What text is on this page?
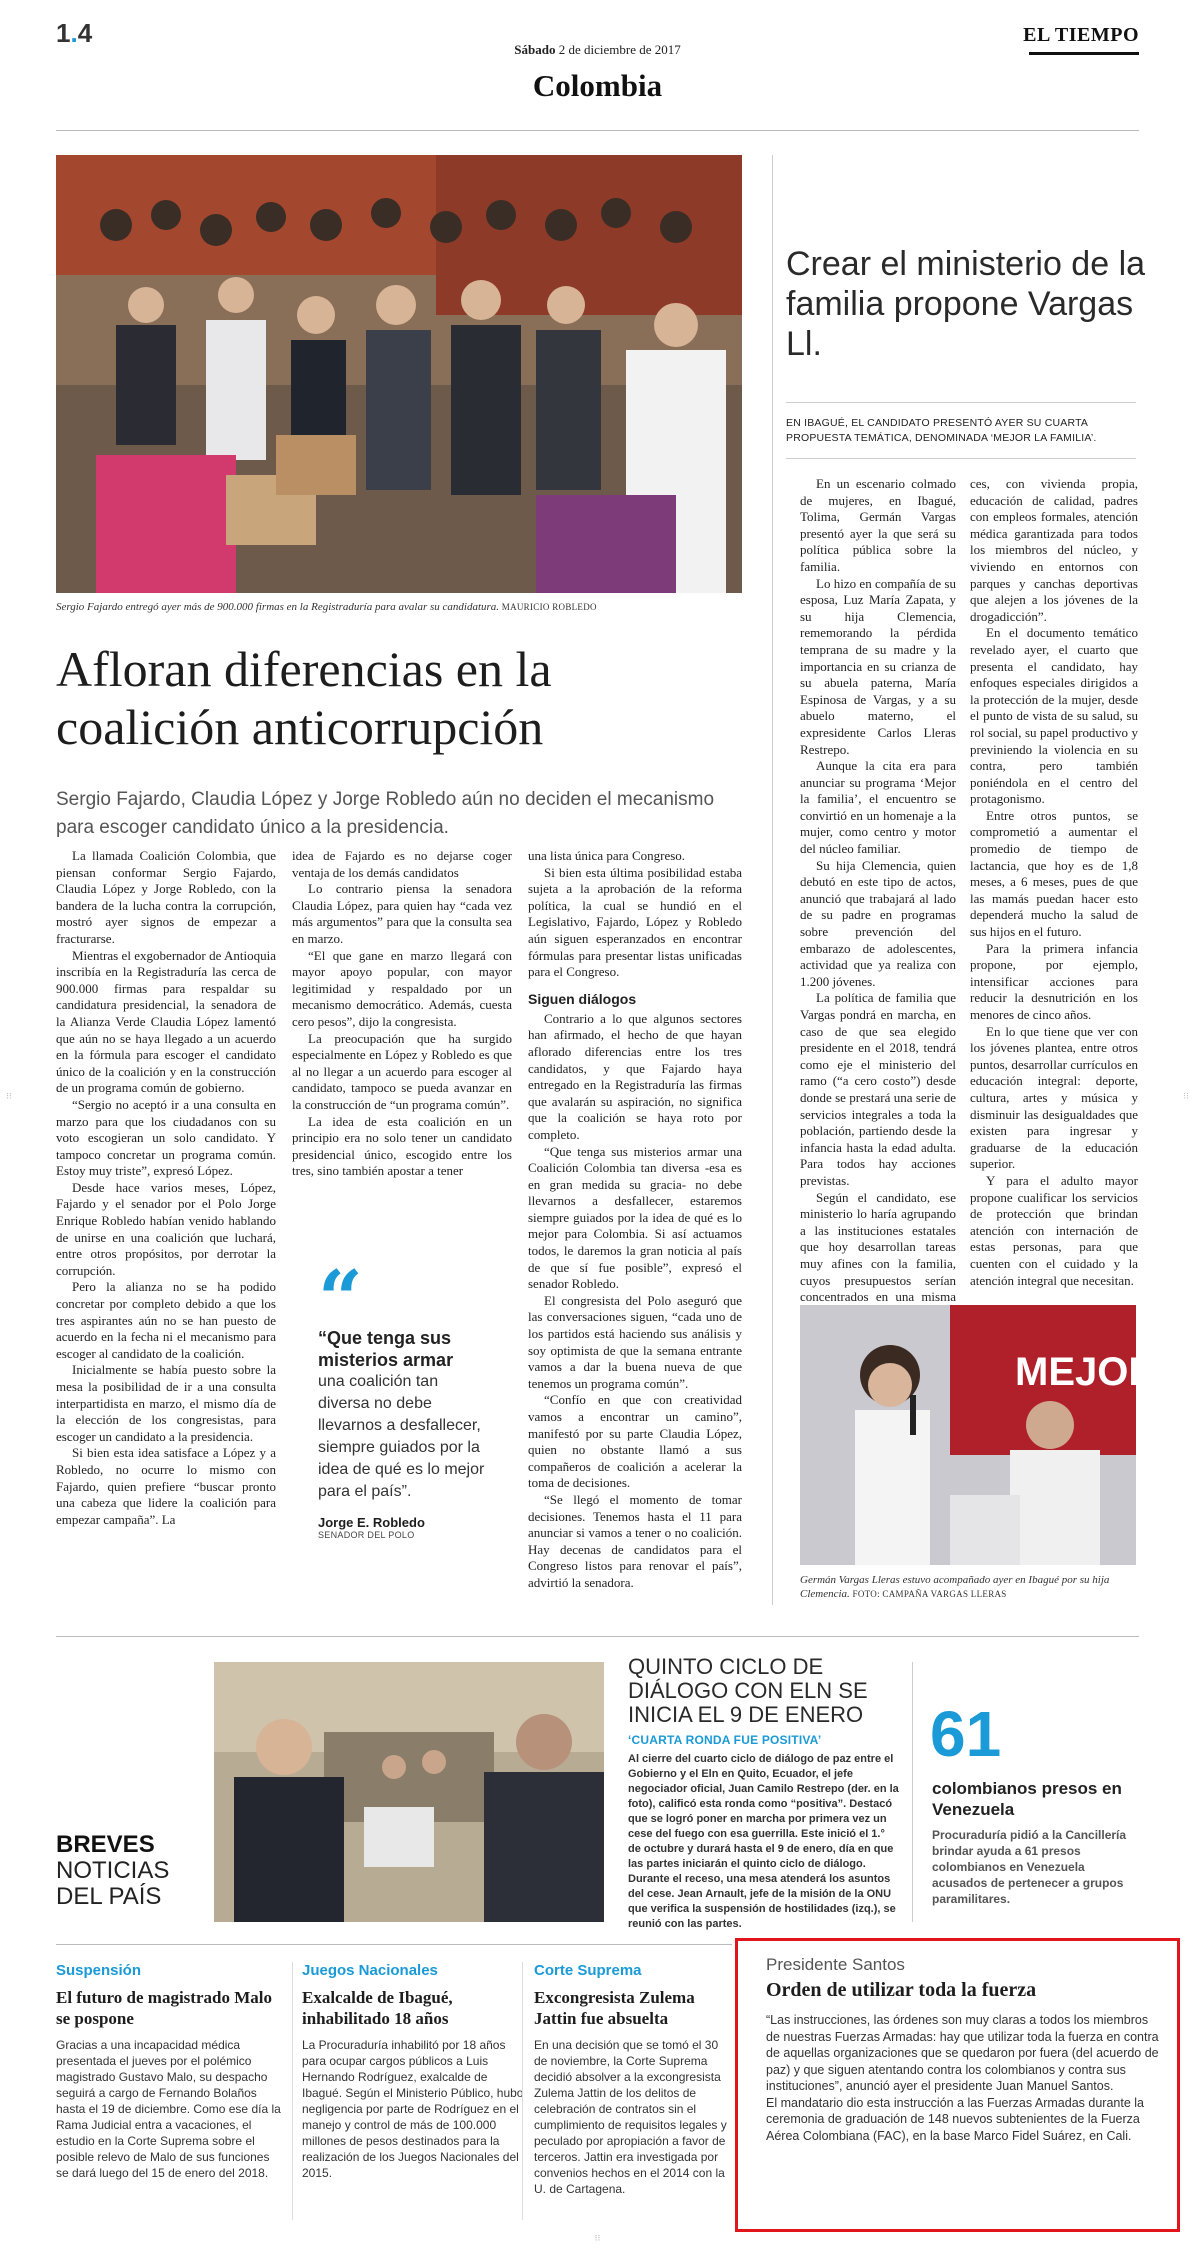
1.4
Sábado 2 de diciembre de 2017
EL TIEMPO
Colombia
Sergio Fajardo entregó ayer más de 900.000 firmas en la Registraduría para avalar su candidatura. MAURICIO ROBLEDO
Afloran diferencias en la coalición anticorrupción
Sergio Fajardo, Claudia López y Jorge Robledo aún no deciden el mecanismo para escoger candidato único a la presidencia.

La llamada Coalición Colombia, que piensan conformar Sergio Fajardo, Claudia López y Jorge Robledo, con la bandera de la lucha contra la corrupción, mostró ayer signos de empezar a fracturarse.

Mientras el exgobernador de Antioquia inscribía en la Registraduría las cerca de 900.000 firmas para respaldar su candidatura presidencial, la senadora de la Alianza Verde Claudia López lamentó que aún no se haya llegado a un acuerdo en la fórmula para escoger el candidato único de la coalición y en la construcción de un programa común de gobierno.

“Sergio no aceptó ir a una consulta en marzo para que los ciudadanos con su voto escogieran un solo candidato. Y tampoco concretar un programa común. Estoy muy triste”, expresó López.

Desde hace varios meses, López, Fajardo y el senador por el Polo Jorge Enrique Robledo habían venido hablando de unirse en una coalición que luchará, entre otros propósitos, por derrotar la corrupción.

Pero la alianza no se ha podido concretar por completo debido a que los tres aspirantes aún no se han puesto de acuerdo en la fecha ni el mecanismo para escoger al candidato de la coalición.

Inicialmente se había puesto sobre la mesa la posibilidad de ir a una consulta interpartidista en marzo, el mismo día de la elección de los congresistas, para escoger un candidato a la presidencia.

Si bien esta idea satisface a López y a Robledo, no ocurre lo mismo con Fajardo, quien prefiere “buscar pronto una cabeza que lidere la coalición para empezar campaña”. La

idea de Fajardo es no dejarse coger ventaja de los demás candidatos

Lo contrario piensa la senadora Claudia López, para quien hay “cada vez más argumentos” para que la consulta sea en marzo.

“El que gane en marzo llegará con mayor apoyo popular, con mayor legitimidad y respaldado por un mecanismo democrático. Además, cuesta cero pesos”, dijo la congresista.

La preocupación que ha surgido especialmente en López y Robledo es que al no llegar a un acuerdo para escoger al candidato, tampoco se pueda avanzar en la construcción de “un programa común”.

La idea de esta coalición en un principio era no solo tener un candidato presidencial único, escogido entre los tres, sino también apostar a tener

una lista única para Congreso.

Si bien esta última posibilidad estaba sujeta a la aprobación de la reforma política, la cual se hundió en el Legislativo, Fajardo, López y Robledo aún siguen esperanzados en encontrar fórmulas para presentar listas unificadas para el Congreso.

Siguen diálogos

Contrario a lo que algunos sectores han afirmado, el hecho de que hayan aflorado diferencias entre los tres candidatos, y que Fajardo haya entregado en la Registraduría las firmas que avalarán su aspiración, no significa que la coalición se haya roto por completo.

“Que tenga sus misterios armar una Coalición Colombia tan diversa -esa es en gran medida su gracia- no debe llevarnos a desfallecer, estaremos siempre guiados por la idea de qué es lo mejor para Colombia. Si así actuamos todos, le daremos la gran noticia al país de que sí fue posible”, expresó el senador Robledo.

El congresista del Polo aseguró que las conversaciones siguen, “cada uno de los partidos está haciendo sus análisis y soy optimista de que la semana entrante vamos a dar la buena nueva de que tenemos un programa común”.

“Confío en que con creatividad vamos a encontrar un camino”, manifestó por su parte Claudia López, quien no obstante llamó a sus compañeros de coalición a acelerar la toma de decisiones.

“Se llegó el momento de tomar decisiones. Tenemos hasta el 11 para anunciar si vamos a tener o no coalición. Hay decenas de candidatos para el Congreso listos para renovar el país”, advirtió la senadora.

“
“Que tenga sus misterios armar
una coalición tan diversa no debe llevarnos a desfallecer, siempre guiados por la idea de qué es lo mejor para el país”.
Jorge E. Robledo
SENADOR DEL POLO
Crear el ministerio de la familia propone Vargas Ll.
EN IBAGUÉ, EL CANDIDATO PRESENTÓ AYER SU CUARTA PROPUESTA TEMÁTICA, DENOMINADA ‘MEJOR LA FAMILIA’.

En un escenario colmado de mujeres, en Ibagué, Tolima, Germán Vargas presentó ayer la que será su política pública sobre la familia.

Lo hizo en compañía de su esposa, Luz María Zapata, y su hija Clemencia, rememorando la pérdida temprana de su madre y la importancia en su crianza de su abuela paterna, María Espinosa de Vargas, y a su abuelo materno, el expresidente Carlos Lleras Restrepo.

Aunque la cita era para anunciar su programa ‘Mejor la familia’, el encuentro se convirtió en un homenaje a la mujer, como centro y motor del núcleo familiar.

Su hija Clemencia, quien debutó en este tipo de actos, anunció que trabajará al lado de su padre en programas sobre prevención del embarazo de adolescentes, actividad que ya realiza con 1.200 jóvenes.

La política de familia que Vargas pondrá en marcha, en caso de que sea elegido presidente en el 2018, tendrá como eje el ministerio del ramo (“a cero costo”) desde donde se prestará una serie de servicios integrales a toda la población, partiendo desde la infancia hasta la edad adulta. Para todos hay acciones previstas.

Según el candidato, ese ministerio lo haría agrupando a las instituciones estatales que hoy desarrollan tareas muy afines con la familia, cuyos presupuestos serían concentrados en una misma

ces, con vivienda propia, educación de calidad, padres con empleos formales, atención médica garantizada para todos los miembros del núcleo, y viviendo en entornos con parques y canchas deportivas que alejen a los jóvenes de la drogadicción”.

En el documento temático revelado ayer, el cuarto que presenta el candidato, hay enfoques especiales dirigidos a la protección de la mujer, desde el punto de vista de su salud, su rol social, su papel productivo y previniendo la violencia en su contra, pero también poniéndola en el centro del protagonismo.

Entre otros puntos, se comprometió a aumentar el promedio de tiempo de lactancia, que hoy es de 1,8 meses, a 6 meses, pues de que las mamás puedan hacer esto dependerá mucho la salud de sus hijos en el futuro.

Para la primera infancia propone, por ejemplo, intensificar acciones para reducir la desnutrición en los menores de cinco años.

En lo que tiene que ver con los jóvenes plantea, entre otros puntos, desarrollar currículos en educación integral: deporte, cultura, artes y música y disminuir las desigualdades que existen para ingresar y graduarse de la educación superior.

Y para el adulto mayor propone cualificar los servicios de protección que brindan atención con internación de estas personas, para que cuenten con el cuidado y la atención integral que necesitan.

MEJOR
Germán Vargas Lleras estuvo acompañado ayer en Ibagué por su hija Clemencia. FOTO: CAMPAÑA VARGAS LLERAS
BREVES
NOTICIAS
DEL PAÍS
QUINTO CICLO DE DIÁLOGO CON ELN SE INICIA EL 9 DE ENERO
‘CUARTA RONDA FUE POSITIVA’
Al cierre del cuarto ciclo de diálogo de paz entre el Gobierno y el Eln en Quito, Ecuador, el jefe negociador oficial, Juan Camilo Restrepo (der. en la foto), calificó esta ronda como “positiva”. Destacó que se logró poner en marcha por primera vez un cese del fuego con esa guerrilla. Este inició el 1.° de octubre y durará hasta el 9 de enero, día en que las partes iniciarán el quinto ciclo de diálogo. Durante el receso, una mesa atenderá los asuntos del cese. Jean Arnault, jefe de la misión de la ONU que verifica la suspensión de hostilidades (izq.), se reunió con las partes.
61
colombianos presos en Venezuela
Procuraduría pidió a la Cancillería brindar ayuda a 61 presos colombianos en Venezuela acusados de pertenecer a grupos paramilitares.
Suspensión
El futuro de magistrado Malo se pospone
Gracias a una incapacidad médica presentada el jueves por el polémico magistrado Gustavo Malo, su despacho seguirá a cargo de Fernando Bolaños hasta el 19 de diciembre. Como ese día la Rama Judicial entra a vacaciones, el estudio en la Corte Suprema sobre el posible relevo de Malo de sus funciones se dará luego del 15 de enero del 2018.
Juegos Nacionales
Exalcalde de Ibagué, inhabilitado 18 años
La Procuraduría inhabilitó por 18 años para ocupar cargos públicos a Luis Hernando Rodríguez, exalcalde de Ibagué. Según el Ministerio Público, hubo negligencia por parte de Rodríguez en el manejo y control de más de 100.000 millones de pesos destinados para la realización de los Juegos Nacionales del 2015.
Corte Suprema
Excongresista Zulema Jattin fue absuelta
En una decisión que se tomó el 30 de noviembre, la Corte Suprema decidió absolver a la excongresista Zulema Jattin de los delitos de celebración de contratos sin el cumplimiento de requisitos legales y peculado por apropiación a favor de terceros. Jattin era investigada por convenios hechos en el 2014 con la U. de Cartagena.
Presidente Santos
Orden de utilizar toda la fuerza
“Las instrucciones, las órdenes son muy claras a todos los miembros de nuestras Fuerzas Armadas: hay que utilizar toda la fuerza en contra de aquellas organizaciones que se quedaron por fuera (del acuerdo de paz) y que siguen atentando contra los colombianos y contra sus instituciones”, anunció ayer el presidente Juan Manuel Santos.
El mandatario dio esta instrucción a las Fuerzas Armadas durante la ceremonia de graduación de 148 nuevos subtenientes de la Fuerza Aérea Colombiana (FAC), en la base Marco Fidel Suárez, en Cali.
⁝⁝	⁝⁝
⁝⁝
